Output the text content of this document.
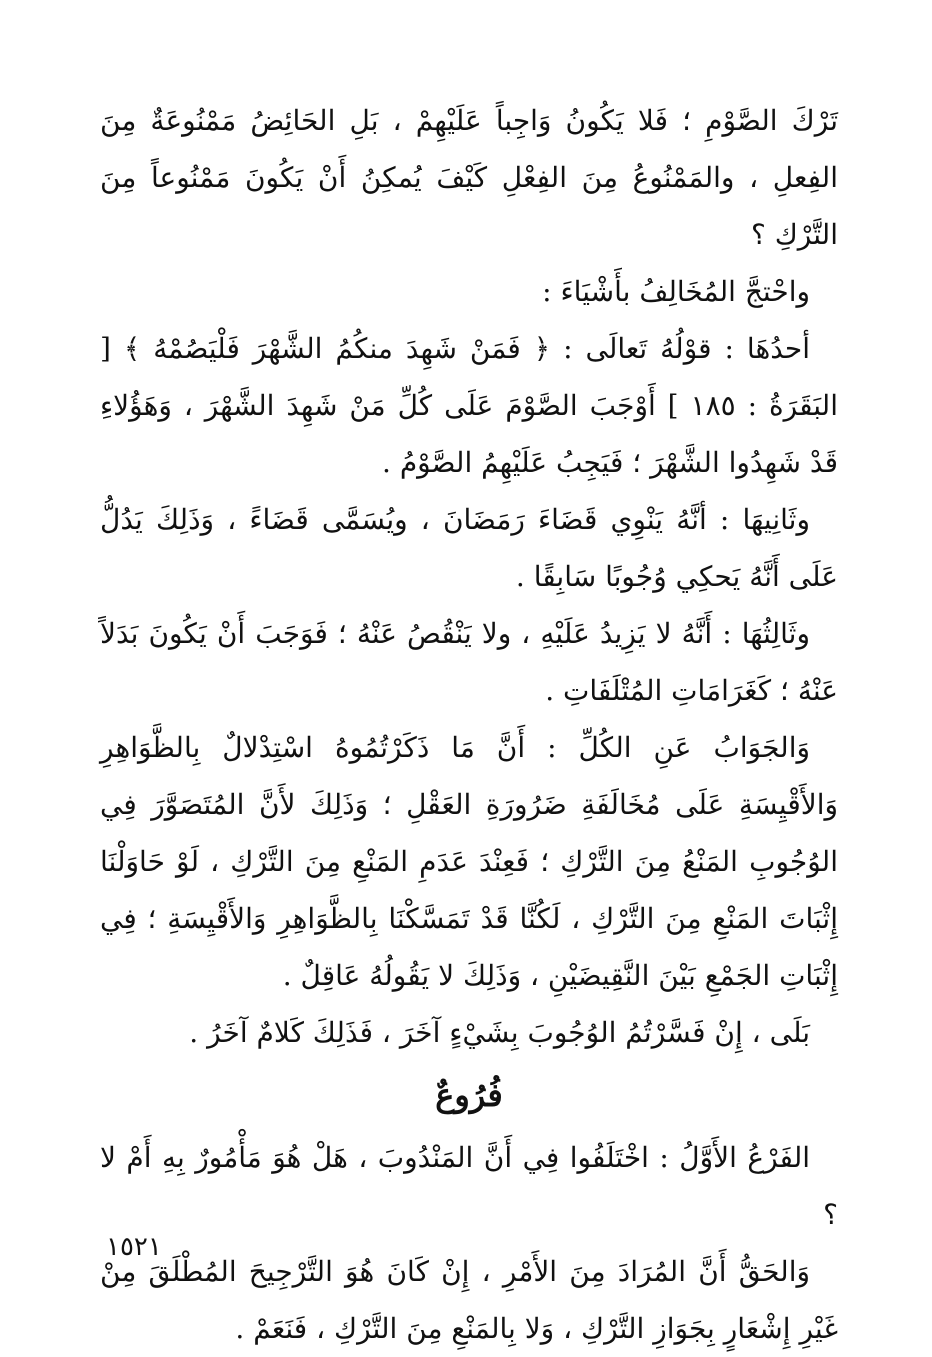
تَرْكَ الصَّوْمِ ؛ فَلا يَكُونُ وَاجِباً عَلَيْهِمْ ، بَلِ الحَائِضُ مَمْنُوعَةٌ مِنَ الفِعلِ ، والمَمْنُوعُ مِنَ الفِعْلِ كَيْفَ يُمكِنُ أَنْ يَكُونَ مَمْنُوعاً مِنَ التَّرْكِ ؟

واحْتجَّ المُخَالِفُ بأَشْيَاءَ :

أحدُهَا : قوْلُهُ تَعالَى : ﴿ فَمَنْ شَهِدَ منكُمُ الشَّهْرَ فَلْيَصُمْهُ ﴾ [ البَقَرَةُ : ١٨٥ ] أَوْجَبَ الصَّوْمَ عَلَى كُلِّ مَنْ شَهِدَ الشَّهْرَ ، وَهَؤُلاءِ قَدْ شَهِدُوا الشَّهْرَ ؛ فَيَجِبُ عَلَيْهِمُ الصَّوْمُ .

وثَانِيهَا : أنَّهُ يَنْوِي قَضَاءَ رَمَضَانَ ، ويُسَمَّى قَضَاءً ، وَذَلِكَ يَدُلُّ عَلَى أَنَّهُ يَحكِي وُجُوبًا سَابِقًا .

وثَالِثُهَا : أَنَّهُ لا يَزِيدُ عَلَيْهِ ، ولا يَنْقُصُ عَنْهُ ؛ فَوَجَبَ أَنْ يَكُونَ بَدَلاً عَنْهُ ؛ كَغَرَامَاتِ المُتْلَفَاتِ .

وَالجَوَابُ عَنِ الكُلِّ : أَنَّ مَا ذَكَرْتُمُوهُ اسْتِدْلالٌ بِالظَّوَاهِرِ وَالأَقْيِسَةِ عَلَى مُخَالَفَةِ ضَرُورَةِ العَقْلِ ؛ وَذَلِكَ لأَنَّ المُتَصَوَّرَ فِي الوُجُوبِ المَنْعُ مِنَ التَّرْكِ ؛ فَعِنْدَ عَدَمِ المَنْعِ مِنَ التَّرْكِ ، لَوْ حَاوَلْنَا إِثْبَاتَ المَنْعِ مِنَ التَّرْكِ ، لَكُنَّا قَدْ تَمَسَّكْنَا بِالظَّوَاهِرِ وَالأَقْيِسَةِ ؛ فِي إِثْبَاتِ الجَمْعِ بَيْنَ النَّقِيضَيْنِ ، وَذَلِكَ لا يَقُولُهُ عَاقِلٌ .

بَلَى ، إِنْ فَسَّرْتُمُ الوُجُوبَ بِشَيْءٍ آخَرَ ، فَذَلِكَ كَلامٌ آخَرُ .

فُرُوعٌ

الفَرْعُ الأَوَّلُ : اخْتَلَفُوا فِي أَنَّ المَنْدُوبَ ، هَلْ هُوَ مَأْمُورٌ بِهِ أَمْ لا ؟

وَالحَقُّ أَنَّ المُرَادَ مِنَ الأَمْرِ ، إِنْ كَانَ هُوَ التَّرْجِيحَ المُطْلَقَ مِنْ غَيْرِ إِشْعَارٍ بِجَوَازِ التَّرْكِ ، وَلا بِالمَنْعِ مِنَ التَّرْكِ ، فَنَعَمْ .

١٥٢١
